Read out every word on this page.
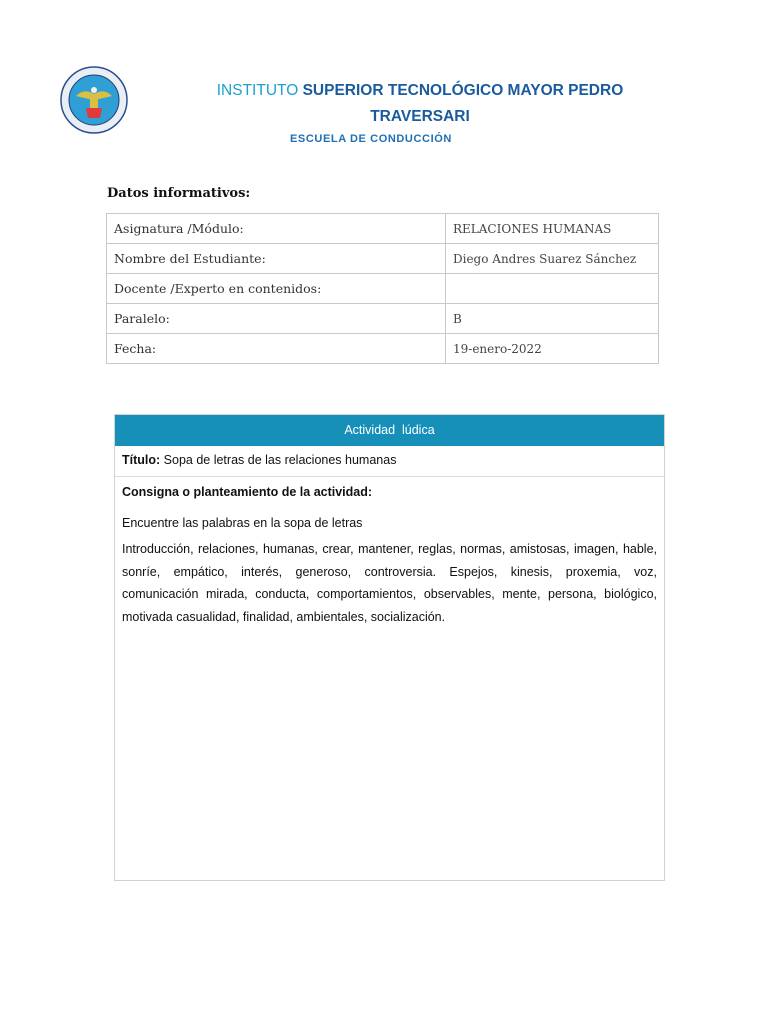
INSTITUTO SUPERIOR TECNOLÓGICO MAYOR PEDRO
TRAVERSARI
ESCUELA DE CONDUCCIÓN
Datos informativos:
Asignatura /Módulo:	RELACIONES HUMANAS
Nombre del Estudiante:	Diego Andres Suarez Sánchez
Docente /Experto en contenidos:	
Paralelo:	B
Fecha:	19-enero-2022
Actividad  lúdica
Título: Sopa de letras de las relaciones humanas
Consigna o planteamiento de la actividad:
Encuentre las palabras en la sopa de letras
Introducción, relaciones, humanas, crear, mantener, reglas, normas, amistosas, imagen, hable, sonríe, empático, interés, generoso, controversia. Espejos, kinesis, proxemia, voz, comunicación mirada, conducta, comportamientos, observables, mente, persona, biológico, motivada casualidad, finalidad, ambientales, socialización.
